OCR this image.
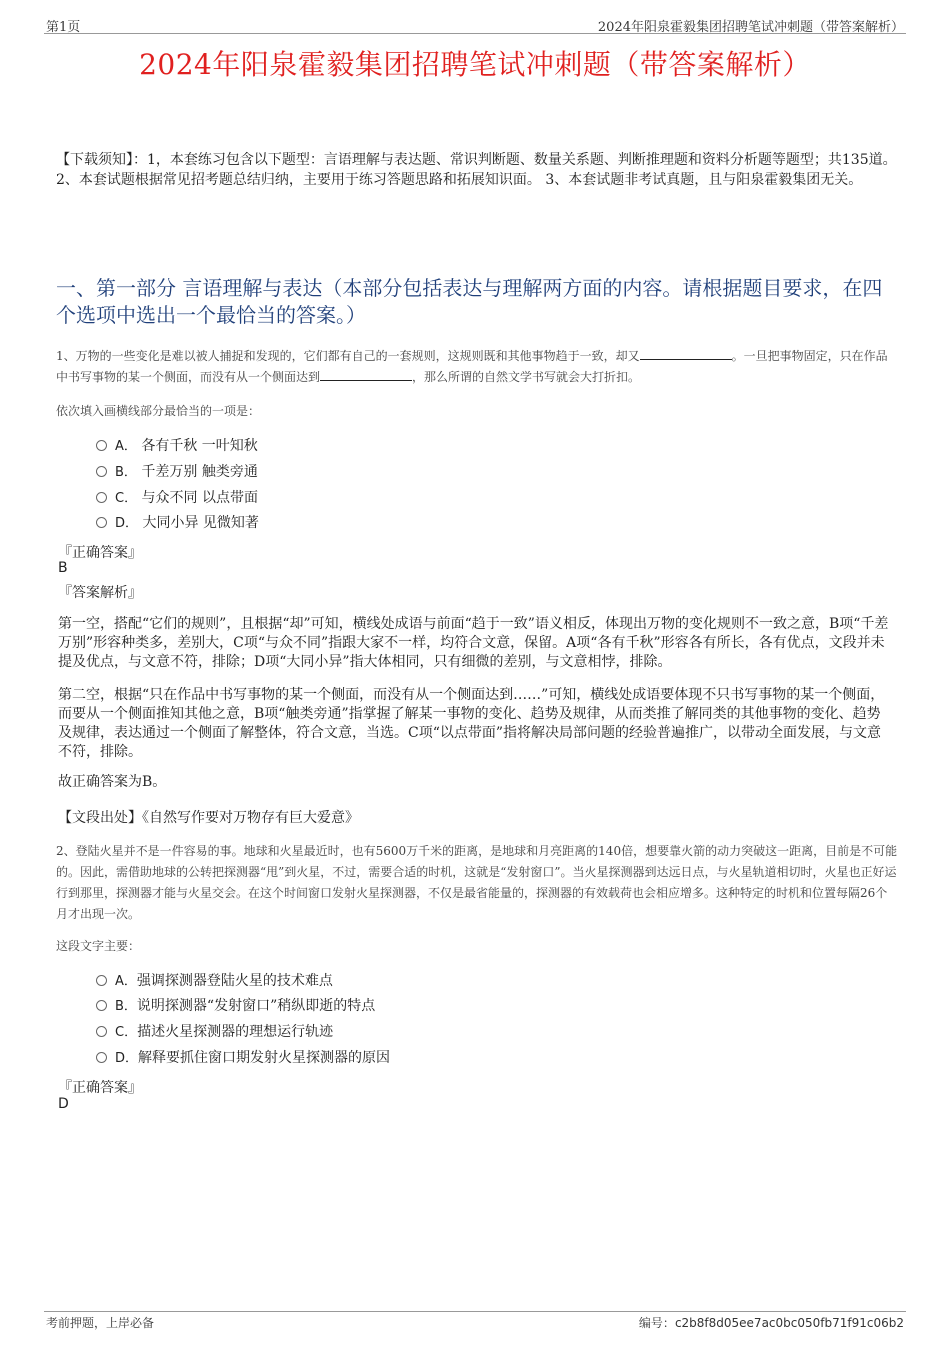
第1页	2024年阳泉霍毅集团招聘笔试冲刺题（带答案解析）
2024年阳泉霍毅集团招聘笔试冲刺题（带答案解析）
【下载须知】：1，本套练习包含以下题型：言语理解与表达题、常识判断题、数量关系题、判断推理题和资料分析题等题型；共135道。 2、本套试题根据常见招考题总结归纳，主要用于练习答题思路和拓展知识面。 3、本套试题非考试真题，且与阳泉霍毅集团无关。
一、第一部分 言语理解与表达（本部分包括表达与理解两方面的内容。请根据题目要求，在四个选项中选出一个最恰当的答案。）
1、万物的一些变化是难以被人捕捉和发现的，它们都有自己的一套规则，这规则既和其他事物趋于一致，却又	。一旦把事物固定，只在作品中书写事物的某一个侧面，而没有从一个侧面达到	，那么所谓的自然文学书写就会大打折扣。
依次填入画横线部分最恰当的一项是：
A． 各有千秋 一叶知秋
B． 千差万别 触类旁通
C． 与众不同 以点带面
D． 大同小异 见微知著
『正确答案』
B
『答案解析』
第一空，搭配“它们的规则”，且根据“却”可知，横线处成语与前面“趋于一致”语义相反，体现出万物的变化规则不一致之意，B项“千差万别”形容种类多，差别大，C项“与众不同”指跟大家不一样，均符合文意，保留。A项“各有千秋”形容各有所长，各有优点，文段并未提及优点，与文意不符，排除；D项“大同小异”指大体相同，只有细微的差别，与文意相悖，排除。
第二空，根据“只在作品中书写事物的某一个侧面，而没有从一个侧面达到……”可知，横线处成语要体现不只书写事物的某一个侧面，而要从一个侧面推知其他之意，B项“触类旁通”指掌握了解某一事物的变化、趋势及规律，从而类推了解同类的其他事物的变化、趋势及规律，表达通过一个侧面了解整体，符合文意，当选。C项“以点带面”指将解决局部问题的经验普遍推广，以带动全面发展，与文意不符，排除。
故正确答案为B。
【文段出处】《自然写作要对万物存有巨大爱意》
2、登陆火星并不是一件容易的事。地球和火星最近时，也有5600万千米的距离，是地球和月亮距离的140倍，想要靠火箭的动力突破这一距离，目前是不可能的。因此，需借助地球的公转把探测器“甩”到火星，不过，需要合适的时机，这就是“发射窗口”。当火星探测器到达远日点，与火星轨道相切时，火星也正好运行到那里，探测器才能与火星交会。在这个时间窗口发射火星探测器，不仅是最省能量的，探测器的有效载荷也会相应增多。这种特定的时机和位置每隔26个月才出现一次。
这段文字主要：
A．强调探测器登陆火星的技术难点
B．说明探测器“发射窗口”稍纵即逝的特点
C．描述火星探测器的理想运行轨迹
D．解释要抓住窗口期发射火星探测器的原因
『正确答案』
D
考前押题，上岸必备	编号：c2b8f8d05ee7ac0bc050fb71f91c06b2
